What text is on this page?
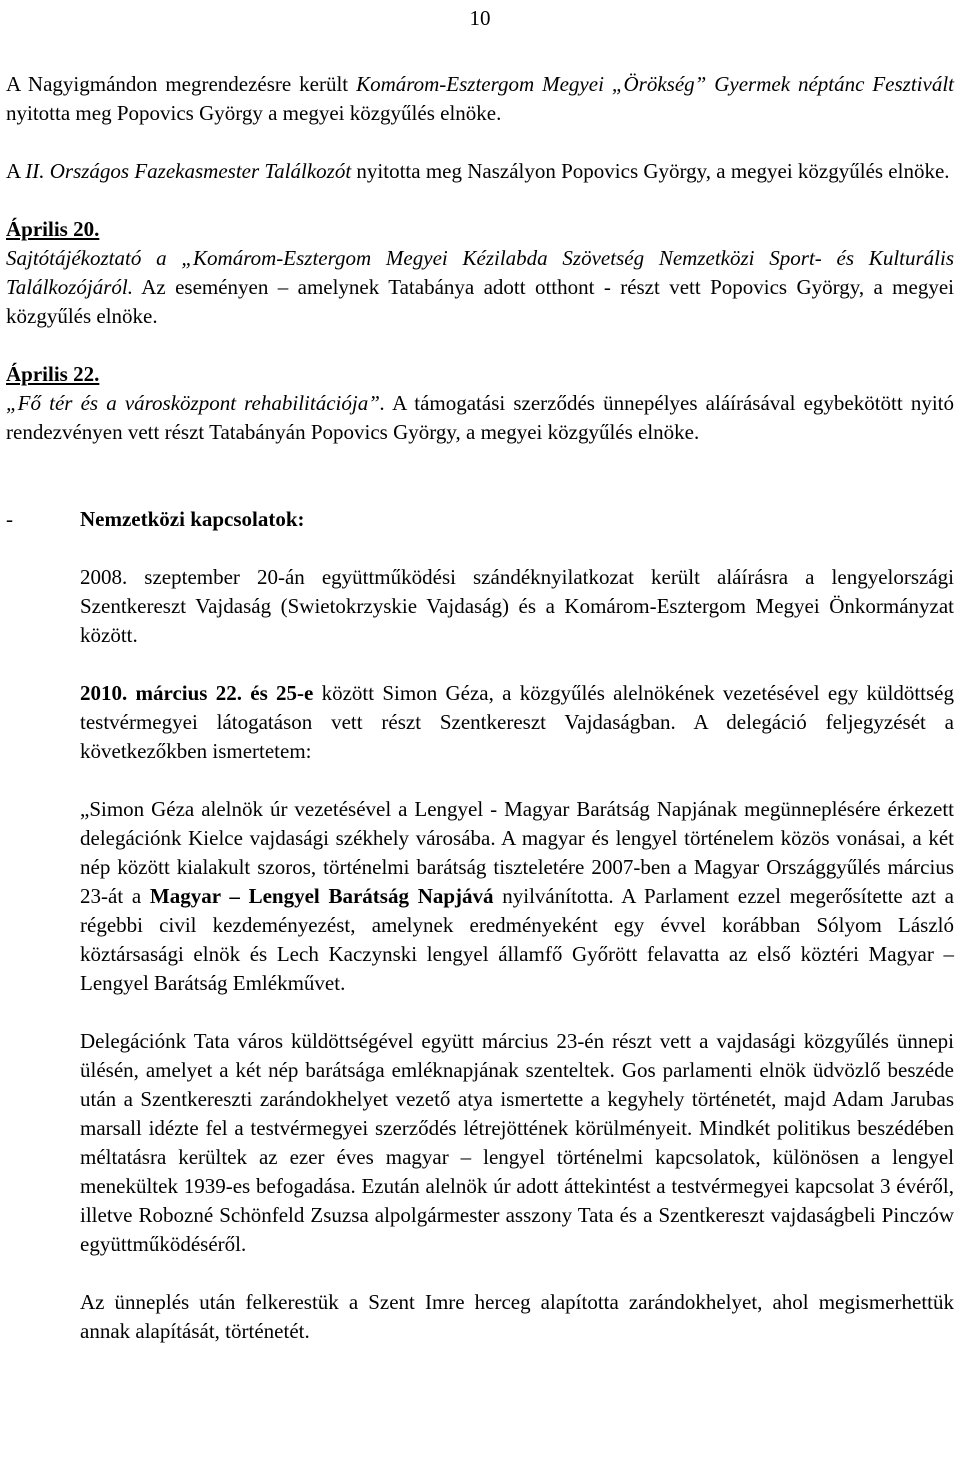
10

A Nagyigmándon megrendezésre került Komárom-Esztergom Megyei „Örökség” Gyermek néptánc Fesztivált nyitotta meg Popovics György a megyei közgyűlés elnöke.

A II. Országos Fazekasmester Találkozót nyitotta meg Naszályon Popovics György, a megyei közgyűlés elnöke.

Április 20.
Sajtótájékoztató a „Komárom-Esztergom Megyei Kézilabda Szövetség Nemzetközi Sport- és Kulturális Találkozójáról. Az eseményen – amelynek Tatabánya adott otthont - részt vett Popovics György, a megyei közgyűlés elnöke.

Április 22.
„Fő tér és a városközpont rehabilitációja”. A támogatási szerződés ünnepélyes aláírásával egybekötött nyitó rendezvényen vett részt Tatabányán Popovics György, a megyei közgyűlés elnöke.

-	Nemzetközi kapcsolatok:

2008. szeptember 20-án együttműködési szándéknyilatkozat került aláírásra a lengyelországi Szentkereszt Vajdaság (Swietokrzyskie Vajdaság) és a Komárom-Esztergom Megyei Önkormányzat között.

2010. március 22. és 25-e között Simon Géza, a közgyűlés alelnökének vezetésével egy küldöttség testvérmegyei látogatáson vett részt Szentkereszt Vajdaságban. A delegáció feljegyzését a következőkben ismertetem:

„Simon Géza alelnök úr vezetésével a Lengyel - Magyar Barátság Napjának megünneplésére érkezett delegációnk Kielce vajdasági székhely városába. A magyar és lengyel történelem közös vonásai, a két nép között kialakult szoros, történelmi barátság tiszteletére 2007-ben a Magyar Országgyűlés március 23-át a Magyar – Lengyel Barátság Napjává nyilvánította. A Parlament ezzel megerősítette azt a régebbi civil kezdeményezést, amelynek eredményeként egy évvel korábban Sólyom László köztársasági elnök és Lech Kaczynski lengyel államfő Győrött felavatta az első köztéri Magyar – Lengyel Barátság Emlékművet.

Delegációnk Tata város küldöttségével együtt március 23-én részt vett a vajdasági közgyűlés ünnepi ülésén, amelyet a két nép barátsága emléknapjának szenteltek. Gos parlamenti elnök üdvözlő beszéde után a Szentkereszti zarándokhelyet vezető atya ismertette a kegyhely történetét, majd Adam Jarubas marsall idézte fel a testvérmegyei szerződés létrejöttének körülményeit. Mindkét politikus beszédében méltatásra kerültek az ezer éves magyar – lengyel történelmi kapcsolatok, különösen a lengyel menekültek 1939-es befogadása. Ezután alelnök úr adott áttekintést a testvérmegyei kapcsolat 3 évéről, illetve Robozné Schönfeld Zsuzsa alpolgármester asszony Tata és a Szentkereszt vajdaságbeli Pinczów együttműködéséről.

Az ünneplés után felkerestük a Szent Imre herceg alapította zarándokhelyet, ahol megismerhettük annak alapítását, történetét.
